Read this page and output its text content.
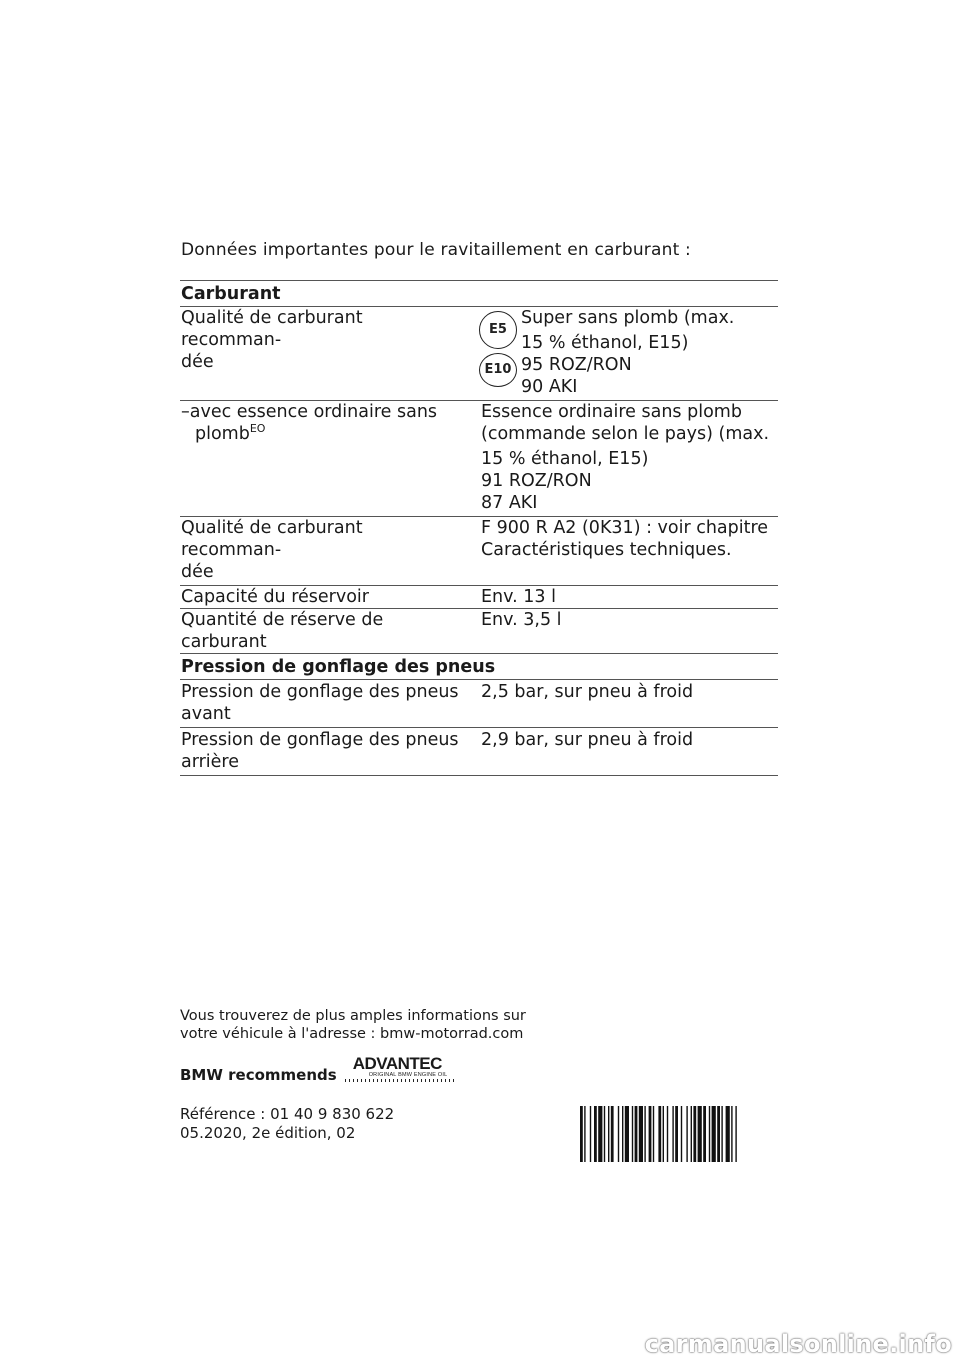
Données importantes pour le ravitaillement en carburant :
Carburant
Qualité de carburant recomman-
dée
E5
E10
Super sans plomb (max.
15 % éthanol, E15)
95 ROZ/RON
90 AKI
–avec essence ordinaire sans
plomb$^{EO}$
Essence ordinaire sans plomb
(commande selon le pays) (max.
15 % éthanol, E15)
91 ROZ/RON
87 AKI
Qualité de carburant recomman-
dée
F 900 R A2 (0K31) : voir chapitre
Caractéristiques techniques.
Capacité du réservoir	Env. 13 l
Quantité de réserve de carburant
Env. 3,5 l
Pression de gonflage des pneus
Pression de gonflage des pneus
avant
2,5 bar, sur pneu à froid
Pression de gonflage des pneus
arrière
2,9 bar, sur pneu à froid
Vous trouverez de plus amples informations sur
votre véhicule à l'adresse : bmw-motorrad.com
BMW recommends
ADVANTEC
ORIGINAL BMW ENGINE OIL
Référence : 01 40 9 830 622
05.2020, 2e édition, 02
carmanualsonline.info
